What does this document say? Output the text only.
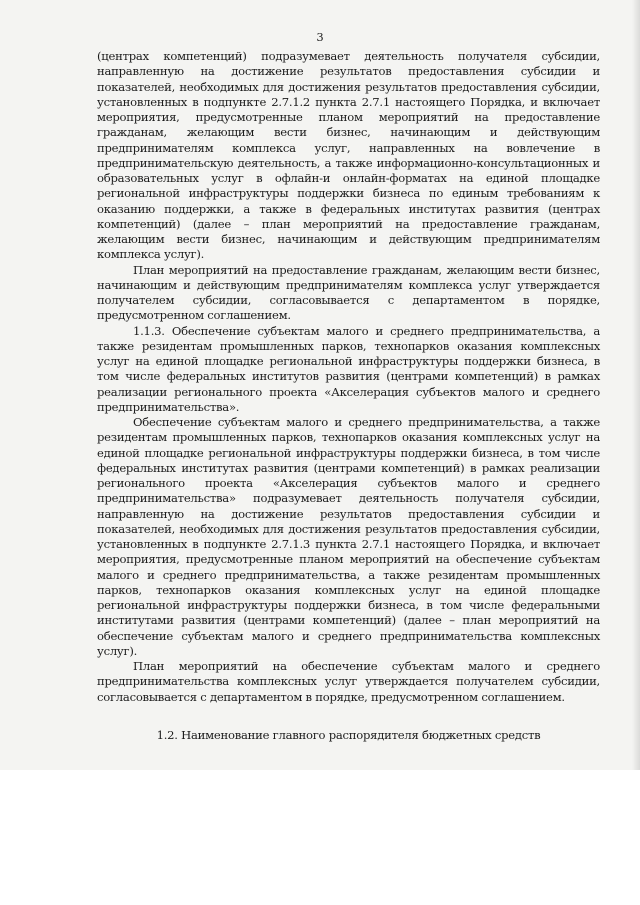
3

(центрах компетенций) подразумевает деятельность получателя субсидии, направленную на достижение результатов предоставления субсидии и показателей, необходимых для достижения результатов предоставления субсидии, установленных в подпункте 2.7.1.2 пункта 2.7.1 настоящего Порядка, и включает мероприятия, предусмотренные планом мероприятий на предоставление гражданам, желающим вести бизнес, начинающим и действующим предпринимателям комплекса услуг, направленных на вовлечение в предпринимательскую деятельность, а также информационно-консультационных и образовательных услуг в офлайн-и онлайн-форматах на единой площадке региональной инфраструктуры поддержки бизнеса по единым требованиям к оказанию поддержки, а также в федеральных институтах развития (центрах компетенций) (далее – план мероприятий на предоставление гражданам, желающим вести бизнес, начинающим и действующим предпринимателям комплекса услуг).

План мероприятий на предоставление гражданам, желающим вести бизнес, начинающим и действующим предпринимателям комплекса услуг утверждается получателем субсидии, согласовывается с департаментом в порядке, предусмотренном соглашением.

1.1.3. Обеспечение субъектам малого и среднего предпринимательства, а также резидентам промышленных парков, технопарков оказания комплексных услуг на единой площадке региональной инфраструктуры поддержки бизнеса, в том числе федеральных институтов развития (центрами компетенций) в рамках реализации регионального проекта «Акселерация субъектов малого и среднего предпринимательства».

Обеспечение субъектам малого и среднего предпринимательства, а также резидентам промышленных парков, технопарков оказания комплексных услуг на единой площадке региональной инфраструктуры поддержки бизнеса, в том числе федеральных институтах развития (центрами компетенций) в рамках реализации регионального проекта «Акселерация субъектов малого и среднего предпринимательства» подразумевает деятельность получателя субсидии, направленную на достижение результатов предоставления субсидии и показателей, необходимых для достижения результатов предоставления субсидии, установленных в подпункте 2.7.1.3 пункта 2.7.1 настоящего Порядка, и включает мероприятия, предусмотренные планом мероприятий на обеспечение субъектам малого и среднего предпринимательства, а также резидентам промышленных парков, технопарков оказания комплексных услуг на единой площадке региональной инфраструктуры поддержки бизнеса, в том числе федеральными институтами развития (центрами компетенций) (далее – план мероприятий на обеспечение субъектам малого и среднего предпринимательства комплексных услуг).

План мероприятий на обеспечение субъектам малого и среднего предпринимательства комплексных услуг утверждается получателем субсидии, согласовывается с департаментом в порядке, предусмотренном соглашением.

1.2. Наименование главного распорядителя бюджетных средств
